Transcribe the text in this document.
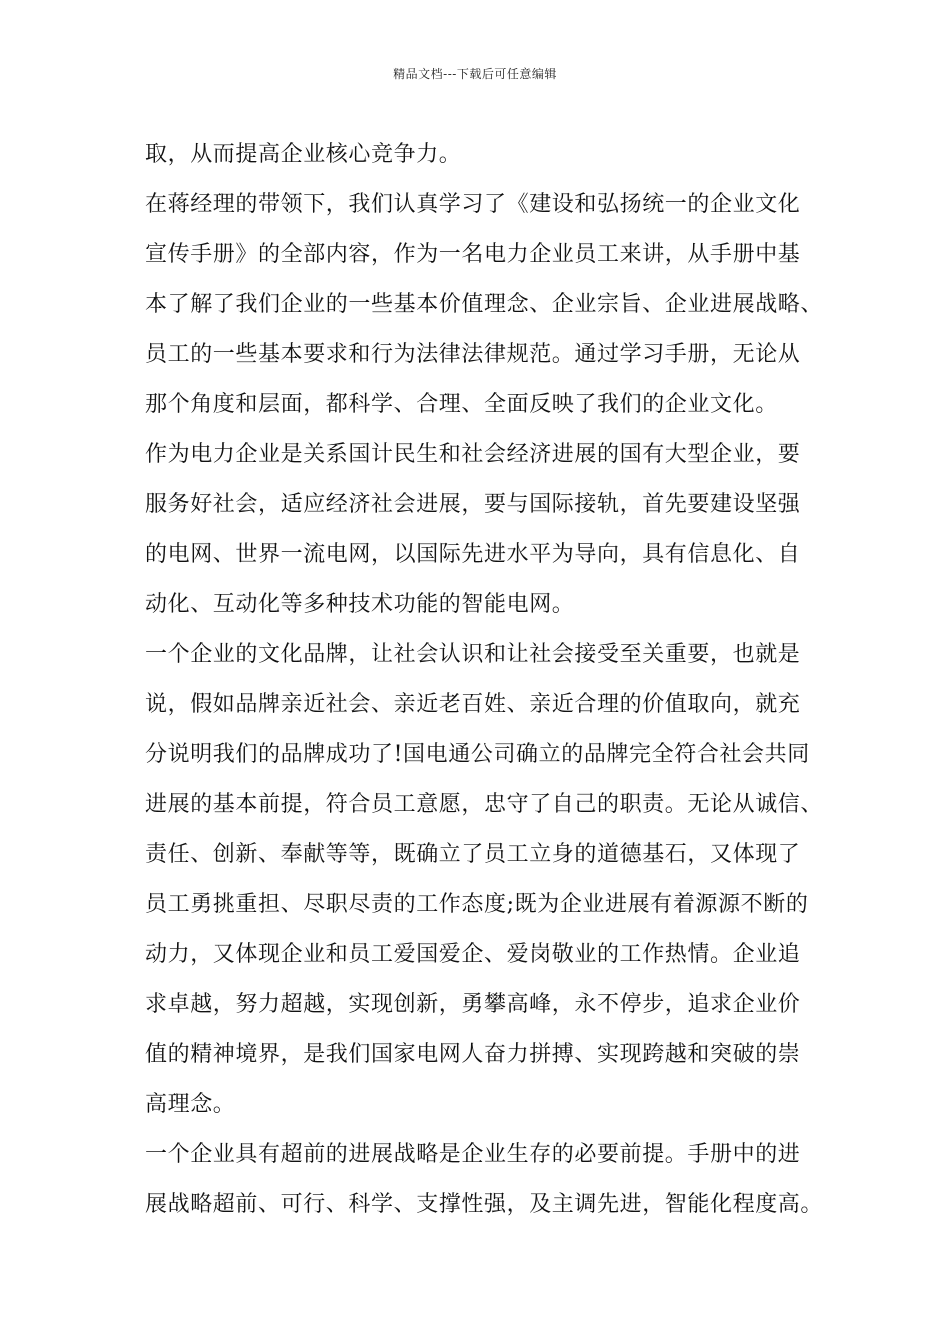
精品文档---下载后可任意编辑
取，从而提高企业核心竞争力。
在蒋经理的带领下，我们认真学习了《建设和弘扬统一的企业文化
宣传手册》的全部内容，作为一名电力企业员工来讲，从手册中基
本了解了我们企业的一些基本价值理念、企业宗旨、企业进展战略、
员工的一些基本要求和行为法律法律规范。通过学习手册，无论从
那个角度和层面，都科学、合理、全面反映了我们的企业文化。
作为电力企业是关系国计民生和社会经济进展的国有大型企业，要
服务好社会，适应经济社会进展，要与国际接轨，首先要建设坚强
的电网、世界一流电网，以国际先进水平为导向，具有信息化、自
动化、互动化等多种技术功能的智能电网。
一个企业的文化品牌，让社会认识和让社会接受至关重要，也就是
说，假如品牌亲近社会、亲近老百姓、亲近合理的价值取向，就充
分说明我们的品牌成功了!国电通公司确立的品牌完全符合社会共同
进展的基本前提，符合员工意愿，忠守了自己的职责。无论从诚信、
责任、创新、奉献等等，既确立了员工立身的道德基石，又体现了
员工勇挑重担、尽职尽责的工作态度;既为企业进展有着源源不断的
动力，又体现企业和员工爱国爱企、爱岗敬业的工作热情。企业追
求卓越，努力超越，实现创新，勇攀高峰，永不停步，追求企业价
值的精神境界，是我们国家电网人奋力拼搏、实现跨越和突破的崇
高理念。
一个企业具有超前的进展战略是企业生存的必要前提。手册中的进
展战略超前、可行、科学、支撑性强，及主调先进，智能化程度高。
